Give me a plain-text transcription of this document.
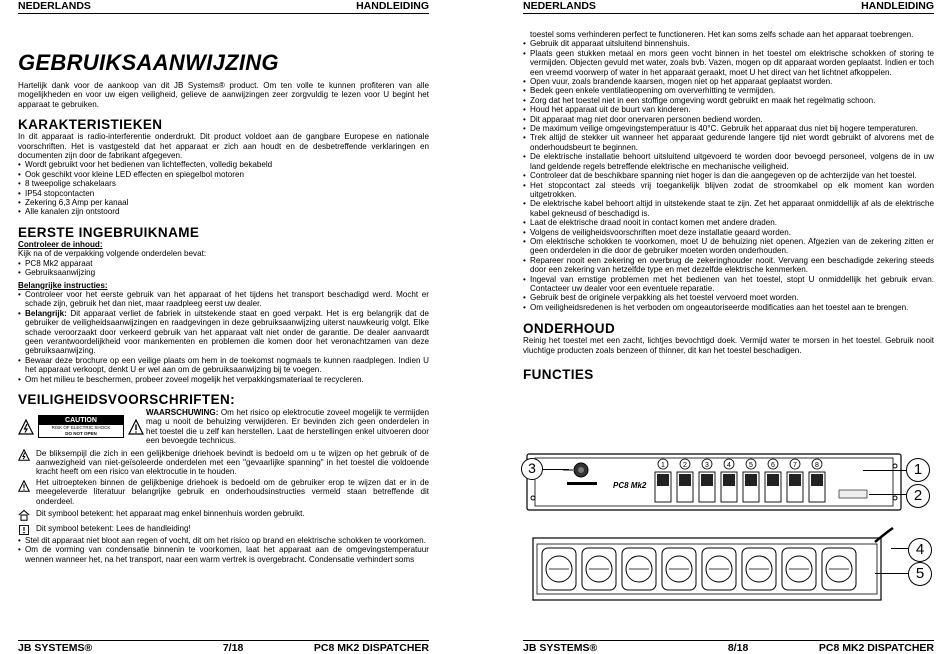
NEDERLANDS	HANDLEIDING
GEBRUIKSAANWIJZING
Hartelijk dank voor de aankoop van dit JB Systems® product. Om ten volle te kunnen profiteren van alle mogelijkheden en voor uw eigen veiligheid, gelieve de aanwijzingen zeer zorgvuldig te lezen voor U begint het apparaat te gebruiken.
KARAKTERISTIEKEN
In dit apparaat is radio-interferentie onderdrukt. Dit product voldoet aan de gangbare Europese en nationale voorschriften. Het is vastgesteld dat het apparaat er zich aan houdt en de desbetreffende verklaringen en documenten zijn door de fabrikant afgegeven.
• Wordt gebruikt voor het bedienen van lichteffecten, volledig bekabeld
• Ook geschikt voor kleine LED effecten en spiegelbol motoren
• 8 tweepolige schakelaars
• IP54 stopcontacten
• Zekering 6,3 Amp per kanaal
• Alle kanalen zijn ontstoord
EERSTE INGEBRUIKNAME
Controleer de inhoud:
Kijk na of de verpakking volgende onderdelen bevat:
• PC8 Mk2 apparaat
• Gebruiksaanwijzing
Belangrijke instructies:
• Controleer voor het eerste gebruik van het apparaat of het tijdens het transport beschadigd werd. Mocht er schade zijn, gebruik het dan niet, maar raadpleeg eerst uw dealer.
• Belangrijk: Dit apparaat verliet de fabriek in uitstekende staat en goed verpakt. Het is erg belangrijk dat de gebruiker de veiligheidsaanwijzingen en raadgevingen in deze gebruiksaanwijzing uiterst nauwkeurig volgt. Elke schade veroorzaakt door verkeerd gebruik van het apparaat valt niet onder de garantie. De dealer aanvaardt geen verantwoordelijkheid voor mankementen en problemen die komen door het veronachtzamen van deze gebruiksaanwijzing.
• Bewaar deze brochure op een veilige plaats om hem in de toekomst nogmaals te kunnen raadplegen. Indien U het apparaat verkoopt, denkt U er wel aan om de gebruiksaanwijzing bij te voegen.
• Om het milieu te beschermen, probeer zoveel mogelijk het verpakkingsmateriaal te recycleren.
VEILIGHEIDSVOORSCHRIFTEN:
CAUTION
RISK OF ELECTRIC SHOCK
DO NOT OPEN
WAARSCHUWING: Om het risico op elektrocutie zoveel mogelijk te vermijden mag u nooit de behuizing verwijderen. Er bevinden zich geen onderdelen in het toestel die u zelf kan herstellen. Laat de herstellingen enkel uitvoeren door een bevoegde technicus.
De bliksempijl die zich in een gelijkbenige driehoek bevindt is bedoeld om u te wijzen op het gebruik of de aanwezigheid van niet-geïsoleerde onderdelen met een "gevaarlijke spanning" in het toestel die voldoende kracht heeft om een risico van elektrocutie in te houden.
Het uitroepteken binnen de gelijkbenige driehoek is bedoeld om de gebruiker erop te wijzen dat er in de meegeleverde literatuur belangrijke gebruik en onderhoudsinstructies vermeld staan betreffende dit onderdeel.
Dit symbool betekent: het apparaat mag enkel binnenhuis worden gebruikt.
Dit symbool betekent: Lees de handleiding!
• Stel dit apparaat niet bloot aan regen of vocht, dit om het risico op brand en elektrische schokken te voorkomen.
• Om de vorming van condensatie binnenin te voorkomen, laat het apparaat aan de omgevingstemperatuur wennen wanneer het, na het transport, naar een warm vertrek is overgebracht. Condensatie verhindert soms
JB SYSTEMS®	7/18	PC8 MK2 DISPATCHER
NEDERLANDS	HANDLEIDING
toestel soms verhinderen perfect te functioneren. Het kan soms zelfs schade aan het apparaat toebrengen.
• Gebruik dit apparaat uitsluitend binnenshuis.
• Plaats geen stukken metaal en mors geen vocht binnen in het toestel om elektrische schokken of storing te vermijden. Objecten gevuld met water, zoals bvb. Vazen, mogen op dit apparaat worden geplaatst. Indien er toch een vreemd voorwerp of water in het apparaat geraakt, moet U het direct van het lichtnet afkoppelen.
• Open vuur, zoals brandende kaarsen, mogen niet op het apparaat geplaatst worden.
• Bedek geen enkele ventilatieopening om oververhitting te vermijden.
• Zorg dat het toestel niet in een stoffige omgeving wordt gebruikt en maak het regelmatig schoon.
• Houd het apparaat uit de buurt van kinderen.
• Dit apparaat mag niet door onervaren personen bediend worden.
• De maximum veilige omgevingstemperatuur is 40°C. Gebruik het apparaat dus niet bij hogere temperaturen.
• Trek altijd de stekker uit wanneer het apparaat gedurende langere tijd niet wordt gebruikt of alvorens met de onderhoudsbeurt te beginnen.
• De elektrische installatie behoort uitsluitend uitgevoerd te worden door bevoegd personeel, volgens de in uw land geldende regels betreffende elektrische en mechanische veiligheid.
• Controleer dat de beschikbare spanning niet hoger is dan die aangegeven op de achterzijde van het toestel.
• Het stopcontact zal steeds vrij toegankelijk blijven zodat de stroomkabel op elk moment kan worden uitgetrokken.
• De elektrische kabel behoort altijd in uitstekende staat te zijn. Zet het apparaat onmiddellijk af als de elektrische kabel gekneusd of beschadigd is.
• Laat de elektrische draad nooit in contact komen met andere draden.
• Volgens de veiligheidsvoorschriften moet deze installatie geaard worden.
• Om elektrische schokken te voorkomen, moet U de behuizing niet openen. Afgezien van de zekering zitten er geen onderdelen in die door de gebruiker moeten worden onderhouden.
• Repareer nooit een zekering en overbrug de zekeringhouder nooit. Vervang een beschadigde zekering steeds door een zekering van hetzelfde type en met dezelfde elektrische kenmerken.
• Ingeval van ernstige problemen met het bedienen van het toestel, stopt U onmiddellijk het gebruik ervan. Contacteer uw dealer voor een eventuele reparatie.
• Gebruik best de originele verpakking als het toestel vervoerd moet worden.
• Om veiligheidsredenen is het verboden om ongeautoriseerde modificaties aan het toestel aan te brengen.
ONDERHOUD
Reinig het toestel met een zacht, lichtjes bevochtigd doek. Vermijd water te morsen in het toestel. Gebruik nooit vluchtige producten zoals benzeen of thinner, dit kan het toestel beschadigen.
FUNCTIES
PC8 Mk2
1	2	3	4	5	6	7	8
3	1
2
4
5
JB SYSTEMS®	8/18	PC8 MK2 DISPATCHER
